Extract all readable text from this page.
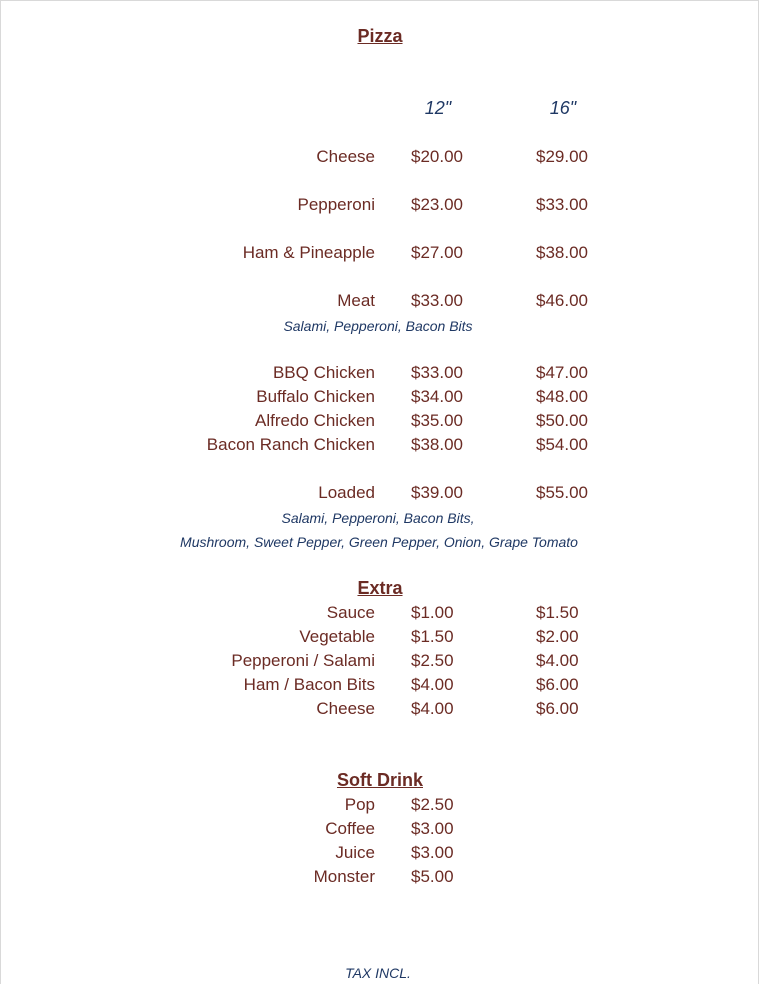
Pizza
12"	16"
Cheese $20.00	$29.00
Pepperoni $23.00	$33.00
Ham & Pineapple $27.00	$38.00
Meat $33.00	$46.00
Salami, Pepperoni, Bacon Bits
BBQ Chicken $33.00	$47.00
Buffalo Chicken $34.00	$48.00
Alfredo Chicken $35.00	$50.00
Bacon Ranch Chicken $38.00	$54.00
Loaded $39.00	$55.00
Salami, Pepperoni, Bacon Bits,
Mushroom, Sweet Pepper, Green Pepper, Onion, Grape Tomato
Extra
Sauce $1.00	$1.50
Vegetable $1.50	$2.00
Pepperoni / Salami $2.50	$4.00
Ham / Bacon Bits $4.00	$6.00
Cheese $4.00	$6.00
Soft Drink
Pop $2.50
Coffee $3.00
Juice $3.00
Monster $5.00
TAX INCL.
